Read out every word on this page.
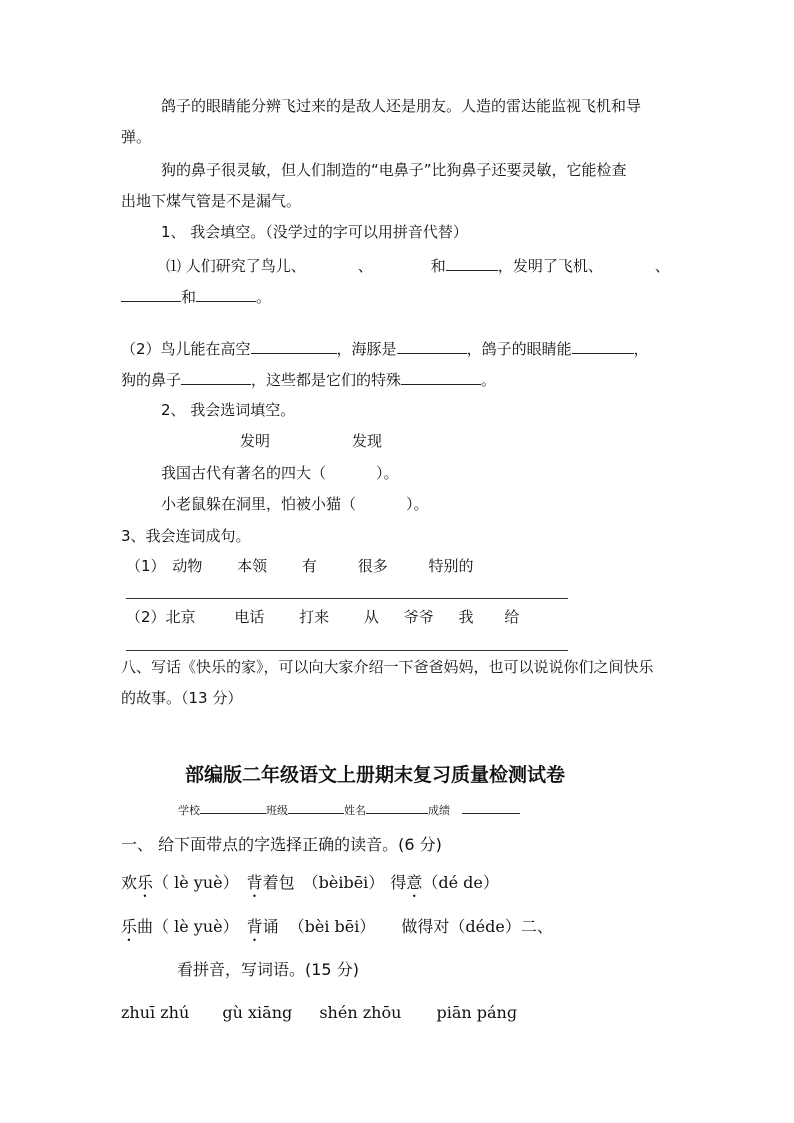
鸽子的眼睛能分辨飞过来的是敌人还是朋友。人造的雷达能监视飞机和导
弹。
狗的鼻子很灵敏，但人们制造的“电鼻子”比狗鼻子还要灵敏，它能检查
出地下煤气管是不是漏气。
1、 我会填空。（没学过的字可以用拼音代替）
⑴ 人们研究了鸟儿、	、	和	，发明了飞机、	、
和	。
（2）鸟儿能在高空	，海豚是	，鸽子的眼睛能	，
狗的鼻子	，这些都是它们的特殊	。
2、 我会选词填空。
发明	发现
我国古代有著名的四大（	）。
小老鼠躲在洞里，怕被小猫（	）。
3、我会连词成句。
（1） 动物 本领 有	很多	特别的
（2）北京	电话 打来 从 爷爷 我 给
八、写话《快乐的家》，可以向大家介绍一下爸爸妈妈，也可以说说你们之间快乐
的故事。（13 分）
部编版二年级语文上册期末复习质量检测试卷
学校	班级	姓名	成绩
一、 给下面带点的字选择正确的读音。(6 分)
欢乐（ lè yuè） 背着包 （bèibēi） 得意（dé de）
乐曲（ lè yuè） 背诵 （bèi bēi） 做得对（déde）二、
看拼音，写词语。(15 分)
zhuī zhú gù xiāng shén zhōu piān pánɡ
